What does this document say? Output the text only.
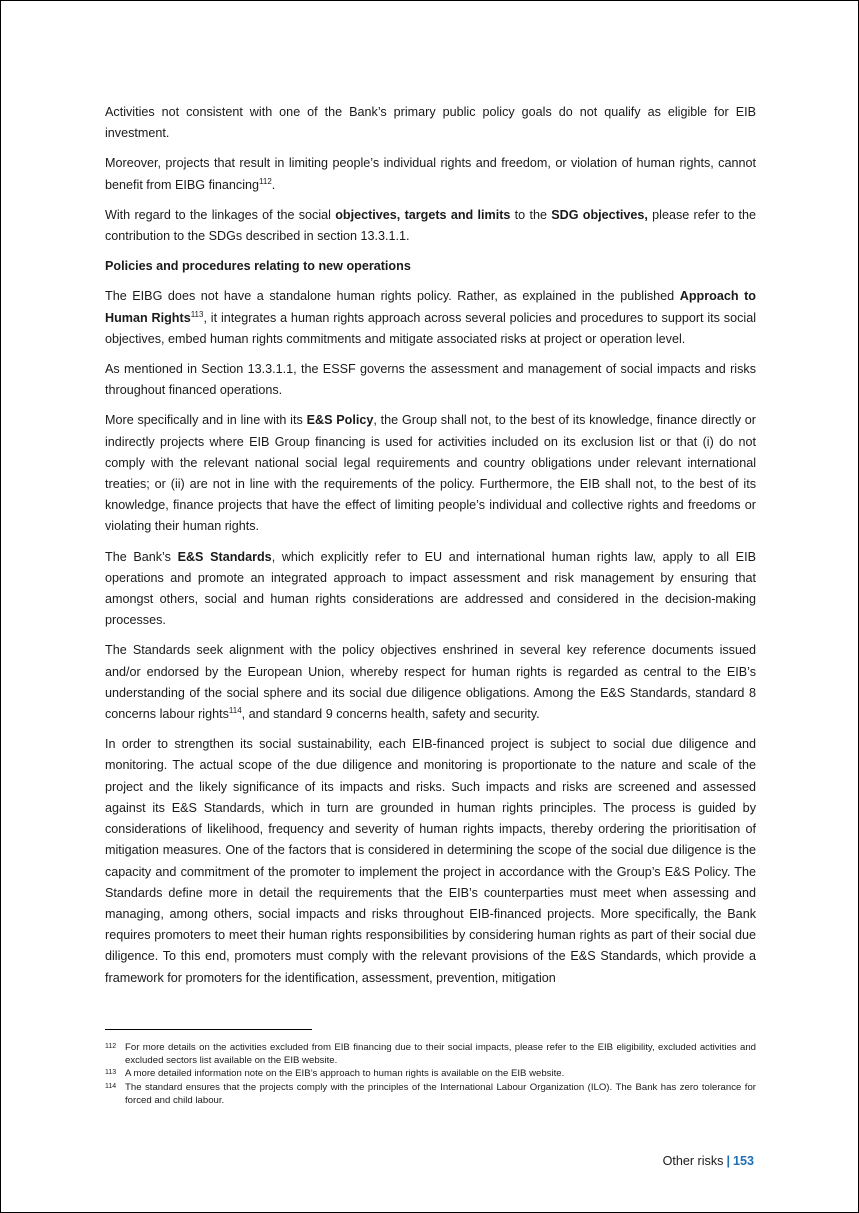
Activities not consistent with one of the Bank’s primary public policy goals do not qualify as eligible for EIB investment.

Moreover, projects that result in limiting people’s individual rights and freedom, or violation of human rights, cannot benefit from EIBG financing$^{112}$.

With regard to the linkages of the social objectives, targets and limits to the SDG objectives, please refer to the contribution to the SDGs described in section 13.3.1.1.

Policies and procedures relating to new operations

The EIBG does not have a standalone human rights policy. Rather, as explained in the published Approach to Human Rights$^{113}$, it integrates a human rights approach across several policies and procedures to support its social objectives, embed human rights commitments and mitigate associated risks at project or operation level.

As mentioned in Section 13.3.1.1, the ESSF governs the assessment and management of social impacts and risks throughout financed operations.

More specifically and in line with its E&S Policy, the Group shall not, to the best of its knowledge, finance directly or indirectly projects where EIB Group financing is used for activities included on its exclusion list or that (i) do not comply with the relevant national social legal requirements and country obligations under relevant international treaties; or (ii) are not in line with the requirements of the policy. Furthermore, the EIB shall not, to the best of its knowledge, finance projects that have the effect of limiting people’s individual and collective rights and freedoms or violating their human rights.

The Bank’s E&S Standards, which explicitly refer to EU and international human rights law, apply to all EIB operations and promote an integrated approach to impact assessment and risk management by ensuring that amongst others, social and human rights considerations are addressed and considered in the decision-making processes.

The Standards seek alignment with the policy objectives enshrined in several key reference documents issued and/or endorsed by the European Union, whereby respect for human rights is regarded as central to the EIB’s understanding of the social sphere and its social due diligence obligations. Among the E&S Standards, standard 8 concerns labour rights$^{114}$, and standard 9 concerns health, safety and security.

In order to strengthen its social sustainability, each EIB-financed project is subject to social due diligence and monitoring. The actual scope of the due diligence and monitoring is proportionate to the nature and scale of the project and the likely significance of its impacts and risks. Such impacts and risks are screened and assessed against its E&S Standards, which in turn are grounded in human rights principles. The process is guided by considerations of likelihood, frequency and severity of human rights impacts, thereby ordering the prioritisation of mitigation measures. One of the factors that is considered in determining the scope of the social due diligence is the capacity and commitment of the promoter to implement the project in accordance with the Group’s E&S Policy. The Standards define more in detail the requirements that the EIB’s counterparties must meet when assessing and managing, among others, social impacts and risks throughout EIB-financed projects. More specifically, the Bank requires promoters to meet their human rights responsibilities by considering human rights as part of their social due diligence. To this end, promoters must comply with the relevant provisions of the E&S Standards, which provide a framework for promoters for the identification, assessment, prevention, mitigation

112 For more details on the activities excluded from EIB financing due to their social impacts, please refer to the EIB eligibility, excluded activities and excluded sectors list available on the EIB website.
113 A more detailed information note on the EIB’s approach to human rights is available on the EIB website.
114 The standard ensures that the projects comply with the principles of the International Labour Organization (ILO). The Bank has zero tolerance for forced and child labour.
Other risks | 153
